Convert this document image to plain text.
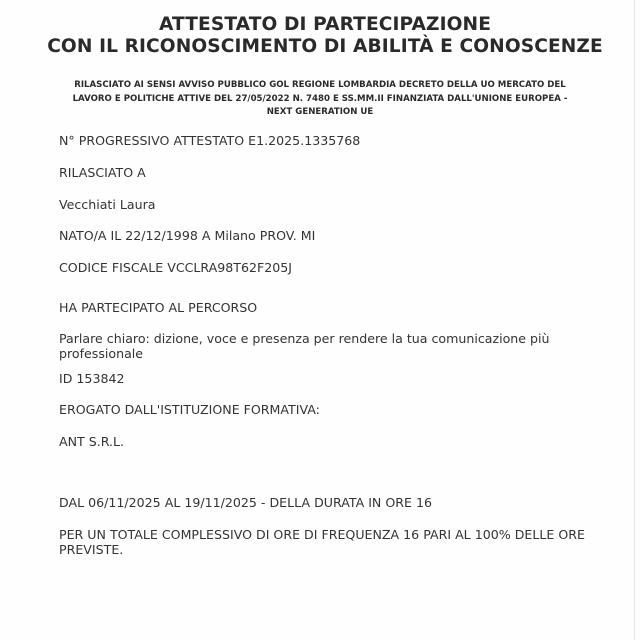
ATTESTATO DI PARTECIPAZIONE
CON IL RICONOSCIMENTO DI ABILITÀ E CONOSCENZE
RILASCIATO AI SENSI AVVISO PUBBLICO GOL REGIONE LOMBARDIA DECRETO DELLA UO MERCATO DEL
LAVORO E POLITICHE ATTIVE DEL 27/05/2022 N. 7480 E SS.MM.II FINANZIATA DALL'UNIONE EUROPEA -
NEXT GENERATION UE
N° PROGRESSIVO ATTESTATO E1.2025.1335768
RILASCIATO A
Vecchiati Laura
NATO/A IL 22/12/1998 A Milano PROV. MI
CODICE FISCALE VCCLRA98T62F205J
HA PARTECIPATO AL PERCORSO
Parlare chiaro: dizione, voce e presenza per rendere la tua comunicazione più
professionale
ID 153842
EROGATO DALL'ISTITUZIONE FORMATIVA:
ANT S.R.L.
DAL 06/11/2025 AL 19/11/2025 - DELLA DURATA IN ORE 16
PER UN TOTALE COMPLESSIVO DI ORE DI FREQUENZA 16 PARI AL 100% DELLE ORE
PREVISTE.
